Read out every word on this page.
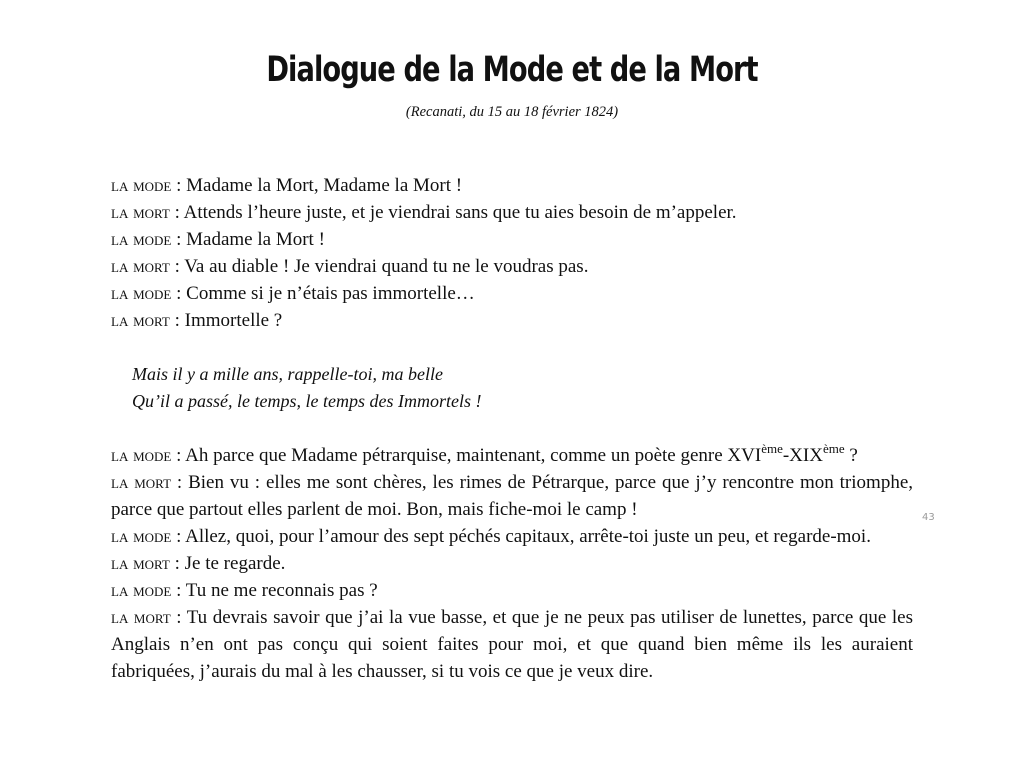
Dialogue de la Mode et de la Mort
(Recanati, du 15 au 18 février 1824)

la mode : Madame la Mort, Madame la Mort !

la mort : Attends l’heure juste, et je viendrai sans que tu aies besoin de m’appeler.

la mode : Madame la Mort !

la mort : Va au diable ! Je viendrai quand tu ne le voudras pas.

la mode : Comme si je n’étais pas immortelle…

la mort : Immortelle ?

Mais il y a mille ans, rappelle-toi, ma belle

Qu’il a passé, le temps, le temps des Immortels !

la mode : Ah parce que Madame pétrarquise, maintenant, comme un poète genre XVIème-XIXème ?

la mort : Bien vu : elles me sont chères, les rimes de Pétrarque, parce que j’y rencontre mon triomphe, parce que partout elles parlent de moi. Bon, mais fiche-moi le camp !

la mode : Allez, quoi, pour l’amour des sept péchés capitaux, arrête-toi juste un peu, et regarde-moi.

la mort : Je te regarde.

la mode : Tu ne me reconnais pas ?

la mort : Tu devrais savoir que j’ai la vue basse, et que je ne peux pas utiliser de lunettes, parce que les Anglais n’en ont pas conçu qui soient faites pour moi, et que quand bien même ils les auraient fabriquées, j’aurais du mal à les chausser, si tu vois ce que je veux dire.

43
